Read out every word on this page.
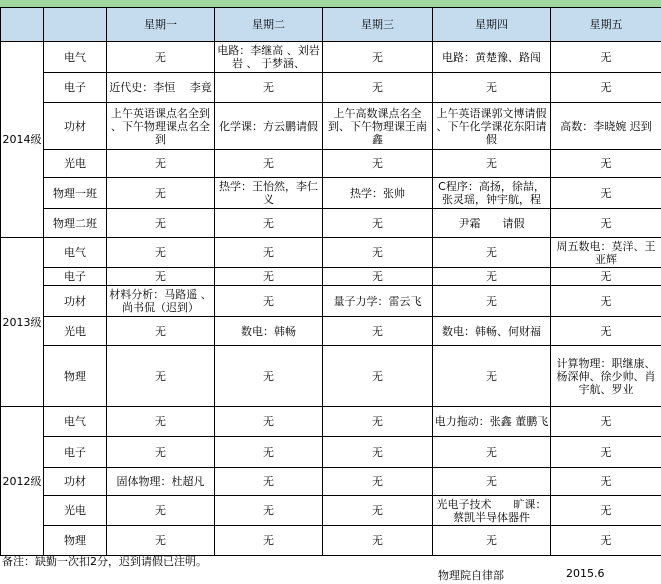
		星期一	星期二	星期三	星期四	星期五
2014级	电气	无	电路：李继高 、刘岩岩 、 于梦涵、	无	电路：黄楚豫、路闯	无
	电子	近代史：李恒　 李竟	无	无	无	无
	功材	上午英语课点名全到 、下午物理课点名全到	化学课：方云鹏请假	上午高数课点名全到、下午物理课王南鑫	上午英语课郭文博请假 、下午化学课花东阳请假	高数：李晓婉 迟到
	光电	无	无	无	无	无
	物理一班	无	热学：王怡然，李仁义	热学：张帅	C程序：高扬，徐喆，张灵瑶，钟宇航，程	无
	物理二班	无	无	无	尹霜　　请假	无
2013级	电气	无	无	无	无	周五数电：莫洋、王亚辉
	电子	无	无	无	无	无
	功材	材料分析：马路遥 、尚书侃（迟到）	无	量子力学：雷云飞	无	无
	光电	无	数电：韩畅	无	数电：韩畅、何财福	无
	物理	无	无	无	无	计算物理：职继康、杨深伸、徐少帅、肖宇航、罗业
2012级	电气	无	无	无	电力拖动：张鑫 董鹏飞	无
	电子	无	无	无	无	无
	功材	固体物理：杜超凡	无	无	无	无
	光电	无	无	无	光电子技术　　旷课：蔡凯半导体器件	无
	物理	无	无	无	无	无
备注：缺勤一次扣2分，迟到请假已注明。
物理院自律部	2015.6
